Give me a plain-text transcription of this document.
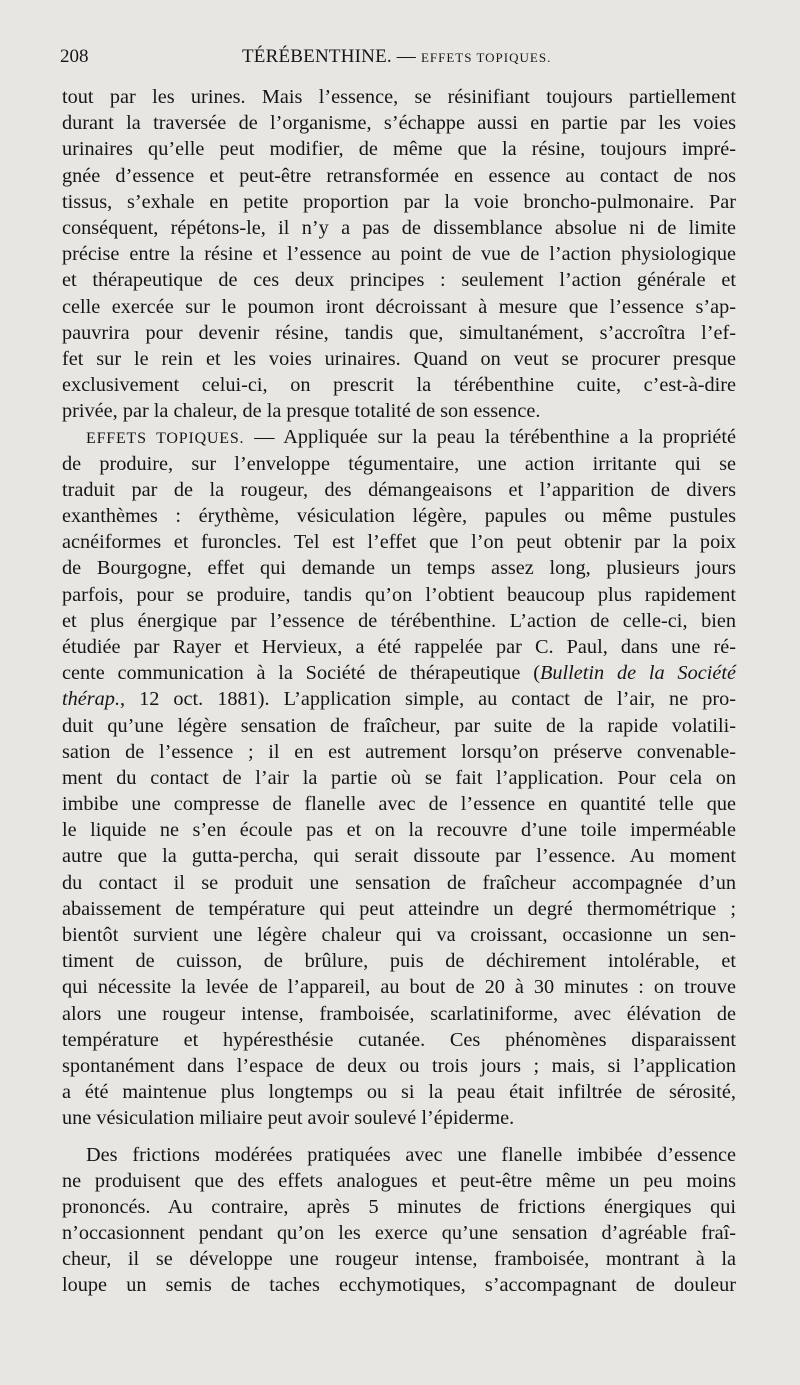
208	TÉRÉBENTHINE. — EFFETS TOPIQUES.
tout par les urines. Mais l’essence, se résinifiant toujours partiellement
durant la traversée de l’organisme, s’échappe aussi en partie par les voies
urinaires qu’elle peut modifier, de même que la résine, toujours impré-
gnée d’essence et peut-être retransformée en essence au contact de nos
tissus, s’exhale en petite proportion par la voie broncho-pulmonaire. Par
conséquent, répétons-le, il n’y a pas de dissemblance absolue ni de limite
précise entre la résine et l’essence au point de vue de l’action physiologique
et thérapeutique de ces deux principes : seulement l’action générale et
celle exercée sur le poumon iront décroissant à mesure que l’essence s’ap-
pauvrira pour devenir résine, tandis que, simultanément, s’accroîtra l’ef-
fet sur le rein et les voies urinaires. Quand on veut se procurer presque
exclusivement celui-ci, on prescrit la térébenthine cuite, c’est-à-dire
privée, par la chaleur, de la presque totalité de son essence.
EFFETS TOPIQUES. — Appliquée sur la peau la térébenthine a la propriété
de produire, sur l’enveloppe tégumentaire, une action irritante qui se
traduit par de la rougeur, des démangeaisons et l’apparition de divers
exanthèmes : érythème, vésiculation légère, papules ou même pustules
acnéiformes et furoncles. Tel est l’effet que l’on peut obtenir par la poix
de Bourgogne, effet qui demande un temps assez long, plusieurs jours
parfois, pour se produire, tandis qu’on l’obtient beaucoup plus rapidement
et plus énergique par l’essence de térébenthine. L’action de celle-ci, bien
étudiée par Rayer et Hervieux, a été rappelée par C. Paul, dans une ré-
cente communication à la Société de thérapeutique (Bulletin de la Société
thérap., 12 oct. 1881). L’application simple, au contact de l’air, ne pro-
duit qu’une légère sensation de fraîcheur, par suite de la rapide volatili-
sation de l’essence ; il en est autrement lorsqu’on préserve convenable-
ment du contact de l’air la partie où se fait l’application. Pour cela on
imbibe une compresse de flanelle avec de l’essence en quantité telle que
le liquide ne s’en écoule pas et on la recouvre d’une toile imperméable
autre que la gutta-percha, qui serait dissoute par l’essence. Au moment
du contact il se produit une sensation de fraîcheur accompagnée d’un
abaissement de température qui peut atteindre un degré thermométrique ;
bientôt survient une légère chaleur qui va croissant, occasionne un sen-
timent de cuisson, de brûlure, puis de déchirement intolérable, et
qui nécessite la levée de l’appareil, au bout de 20 à 30 minutes : on trouve
alors une rougeur intense, framboisée, scarlatiniforme, avec élévation de
température et hypéresthésie cutanée. Ces phénomènes disparaissent
spontanément dans l’espace de deux ou trois jours ; mais, si l’application
a été maintenue plus longtemps ou si la peau était infiltrée de sérosité,
une vésiculation miliaire peut avoir soulevé l’épiderme.
Des frictions modérées pratiquées avec une flanelle imbibée d’essence
ne produisent que des effets analogues et peut-être même un peu moins
prononcés. Au contraire, après 5 minutes de frictions énergiques qui
n’occasionnent pendant qu’on les exerce qu’une sensation d’agréable fraî-
cheur, il se développe une rougeur intense, framboisée, montrant à la
loupe un semis de taches ecchymotiques, s’accompagnant de douleur
